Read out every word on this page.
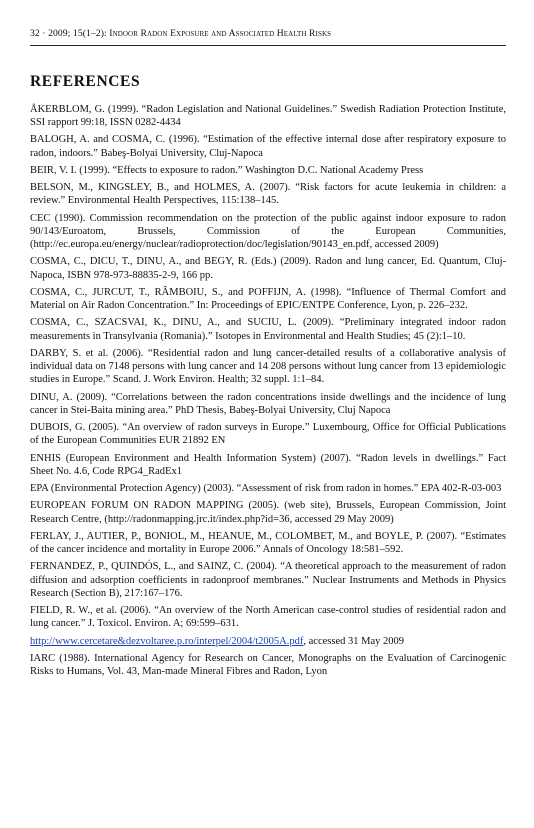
32 · 2009; 15(1–2): Indoor Radon Exposure and Associated Health Risks
REFERENCES
ÅKERBLOM, G. (1999). “Radon Legislation and National Guidelines.” Swedish Radiation Protection Institute, SSI rapport 99:18, ISSN 0282-4434
BALOGH, A. and COSMA, C. (1996). “Estimation of the effective internal dose after respiratory exposure to radon, indoors.” Babeş-Bolyai University, Cluj-Napoca
BEIR, V. I. (1999). “Effects to exposure to radon.” Washington D.C. National Academy Press
BELSON, M., KINGSLEY, B., and HOLMES, A. (2007). “Risk factors for acute leukemia in children: a review.” Environmental Health Perspectives, 115:138–145.
CEC (1990). Commission recommendation on the protection of the public against indoor exposure to radon 90/143/Euroatom, Brussels, Commission of the European Communities, (http://ec.europa.eu/energy/nuclear/radioprotection/doc/legislation/90143_en.pdf, accessed 2009)
COSMA, C., DICU, T., DINU, A., and BEGY, R. (Eds.) (2009). Radon and lung cancer, Ed. Quantum, Cluj-Napoca, ISBN 978-973-88835-2-9, 166 pp.
COSMA, C., JURCUT, T., RÂMBOIU, S., and POFFIJN, A. (1998). “Influence of Thermal Comfort and Material on Air Radon Concentration.” In: Proceedings of EPIC/ENTPE Conference, Lyon, p. 226–232.
COSMA, C., SZACSVAI, K., DINU, A., and SUCIU, L. (2009). “Preliminary integrated indoor radon measurements in Transylvania (Romania).” Isotopes in Environmental and Health Studies; 45 (2):1–10.
DARBY, S. et al. (2006). “Residential radon and lung cancer-detailed results of a collaborative analysis of individual data on 7148 persons with lung cancer and 14 208 persons without lung cancer from 13 epidemiologic studies in Europe.” Scand. J. Work Environ. Health; 32 suppl. 1:1–84.
DINU, A. (2009). “Correlations between the radon concentrations inside dwellings and the incidence of lung cancer in Stei-Baita mining area.” PhD Thesis, Babeş-Bolyai University, Cluj Napoca
DUBOIS, G. (2005). “An overview of radon surveys in Europe.” Luxembourg, Office for Official Publications of the European Communities EUR 21892 EN
ENHIS (European Environment and Health Information System) (2007). “Radon levels in dwellings.” Fact Sheet No. 4.6, Code RPG4_RadEx1
EPA (Environmental Protection Agency) (2003). “Assessment of risk from radon in homes.” EPA 402-R-03-003
EUROPEAN FORUM ON RADON MAPPING (2005). (web site), Brussels, European Commission, Joint Research Centre, (http://radonmapping.jrc.it/index.php?id=36, accessed 29 May 2009)
FERLAY, J., AUTIER, P., BONIOL, M., HEANUE, M., COLOMBET, M., and BOYLE, P. (2007). “Estimates of the cancer incidence and mortality in Europe 2006.” Annals of Oncology 18:581–592.
FERNANDEZ, P., QUINDÓS, L., and SAINZ, C. (2004). “A theoretical approach to the measurement of radon diffusion and adsorption coefficients in radonproof membranes.” Nuclear Instruments and Methods in Physics Research (Section B), 217:167–176.
FIELD, R. W., et al. (2006). “An overview of the North American case-control studies of residential radon and lung cancer.” J. Toxicol. Environ. A; 69:599–631.
http://www.cercetare&dezvoltaree.p.ro/interpel/2004/t2005A.pdf, accessed 31 May 2009
IARC (1988). International Agency for Research on Cancer, Monographs on the Evaluation of Carcinogenic Risks to Humans, Vol. 43, Man-made Mineral Fibres and Radon, Lyon
